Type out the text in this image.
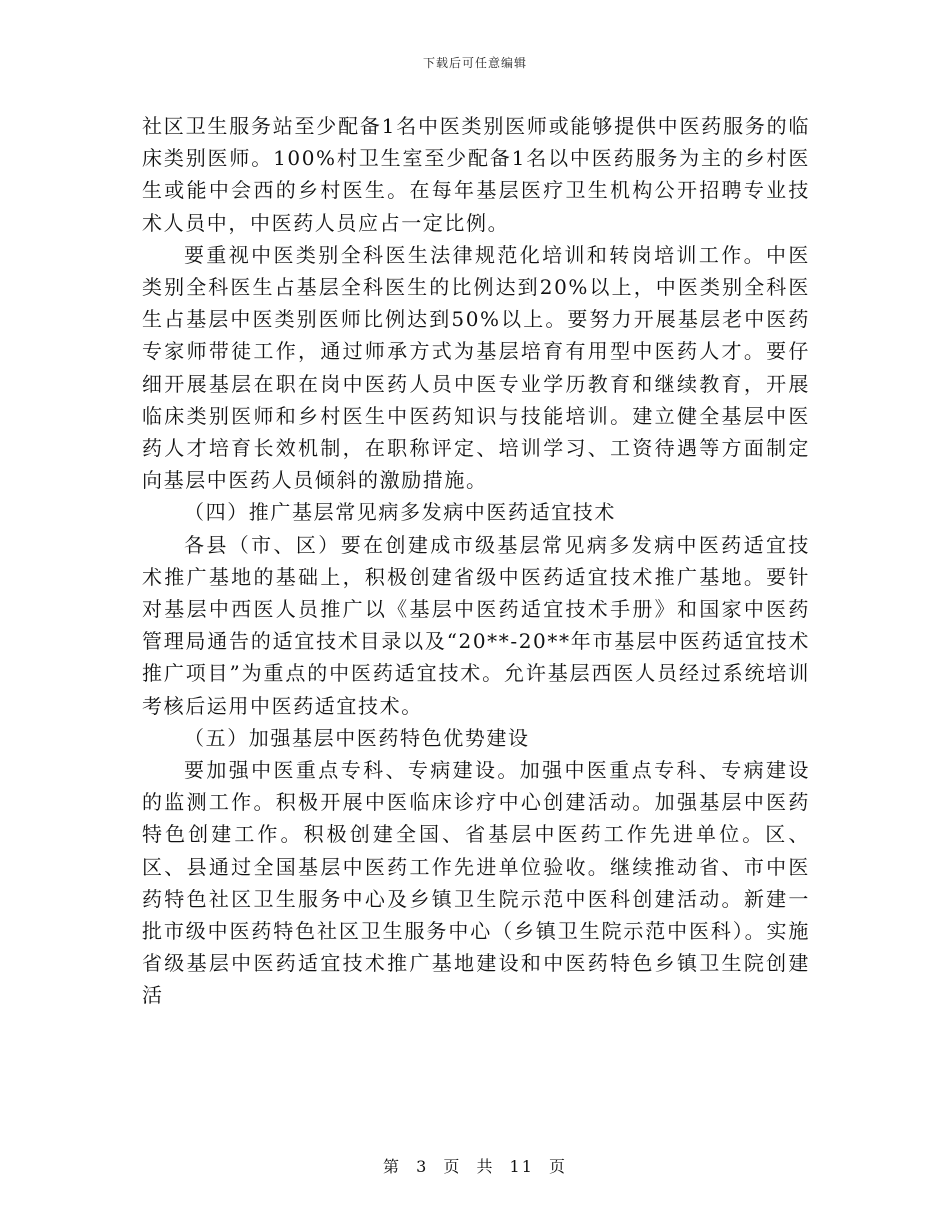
下载后可任意编辑

社区卫生服务站至少配备1名中医类别医师或能够提供中医药服务的临床类别医师。100%村卫生室至少配备1名以中医药服务为主的乡村医生或能中会西的乡村医生。在每年基层医疗卫生机构公开招聘专业技术人员中，中医药人员应占一定比例。

要重视中医类别全科医生法律规范化培训和转岗培训工作。中医类别全科医生占基层全科医生的比例达到20%以上，中医类别全科医生占基层中医类别医师比例达到50%以上。要努力开展基层老中医药专家师带徒工作，通过师承方式为基层培育有用型中医药人才。要仔细开展基层在职在岗中医药人员中医专业学历教育和继续教育，开展临床类别医师和乡村医生中医药知识与技能培训。建立健全基层中医药人才培育长效机制，在职称评定、培训学习、工资待遇等方面制定向基层中医药人员倾斜的激励措施。

（四）推广基层常见病多发病中医药适宜技术

各县（市、区）要在创建成市级基层常见病多发病中医药适宜技术推广基地的基础上，积极创建省级中医药适宜技术推广基地。要针对基层中西医人员推广以《基层中医药适宜技术手册》和国家中医药管理局通告的适宜技术目录以及“20**-20**年市基层中医药适宜技术推广项目”为重点的中医药适宜技术。允许基层西医人员经过系统培训考核后运用中医药适宜技术。

（五）加强基层中医药特色优势建设

要加强中医重点专科、专病建设。加强中医重点专科、专病建设的监测工作。积极开展中医临床诊疗中心创建活动。加强基层中医药特色创建工作。积极创建全国、省基层中医药工作先进单位。区、区、县通过全国基层中医药工作先进单位验收。继续推动省、市中医药特色社区卫生服务中心及乡镇卫生院示范中医科创建活动。新建一批市级中医药特色社区卫生服务中心（乡镇卫生院示范中医科）。实施省级基层中医药适宜技术推广基地建设和中医药特色乡镇卫生院创建活

第 3 页 共 11 页
